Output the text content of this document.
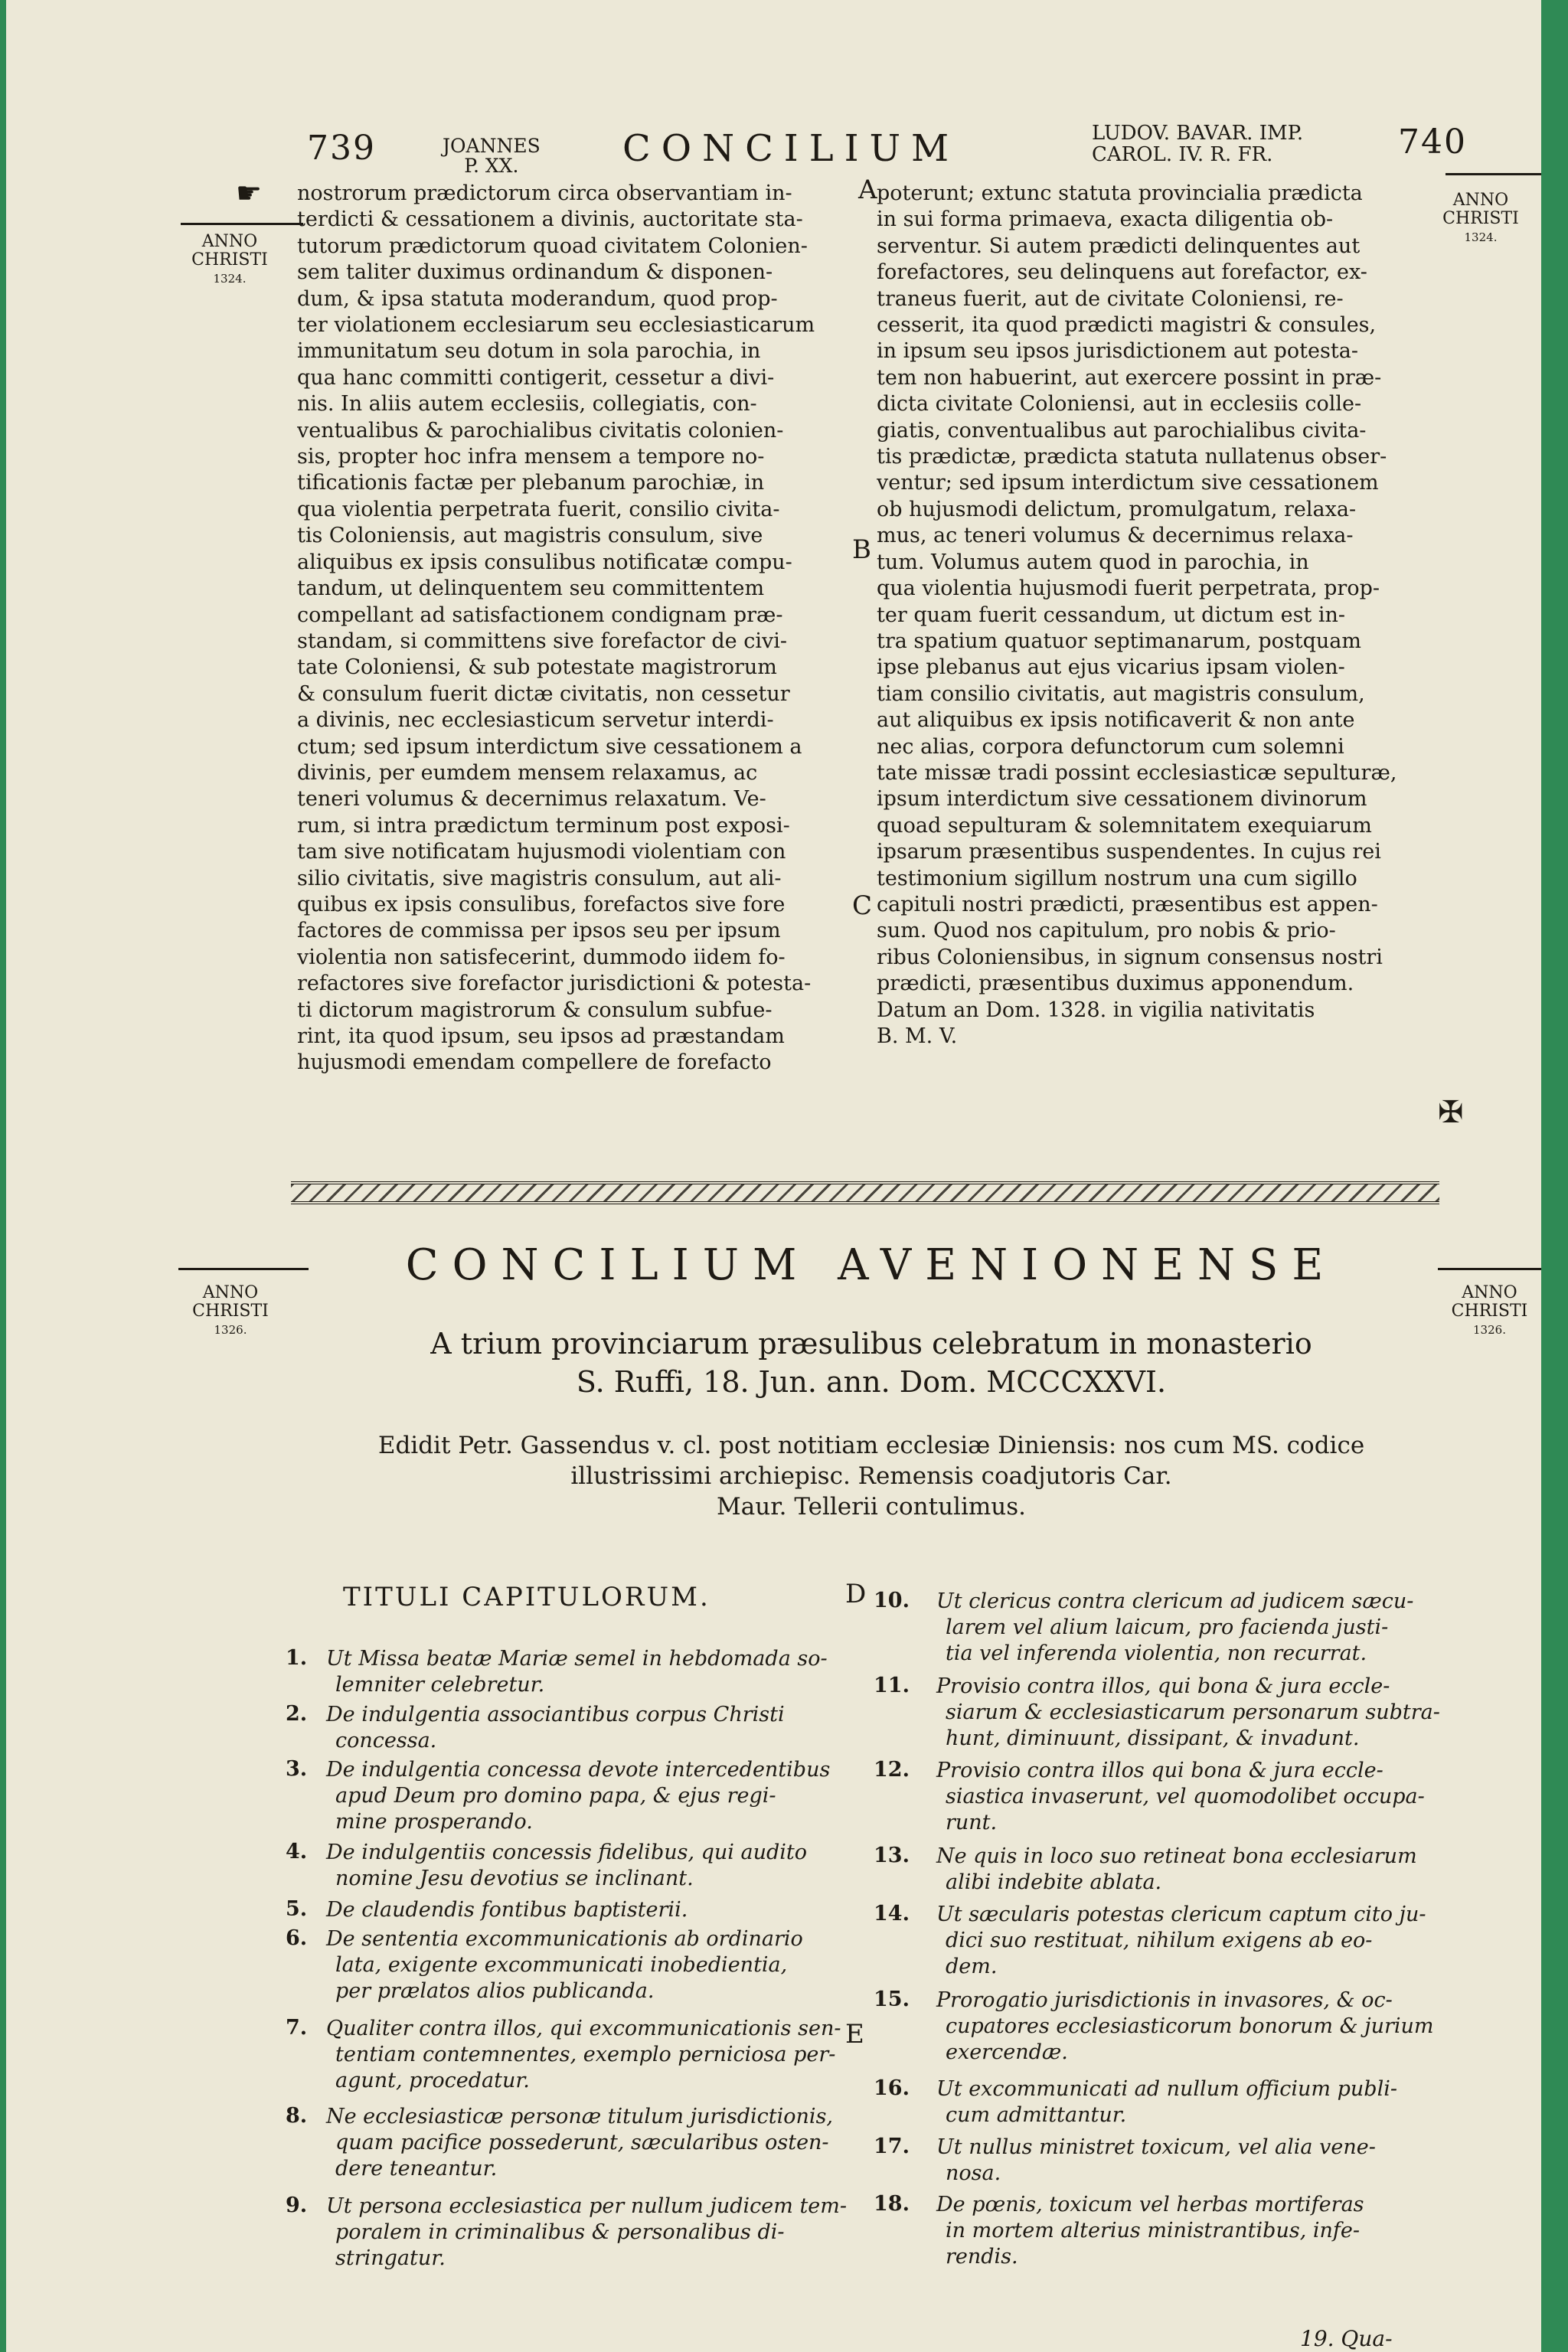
739	JOANNES
P. XX.	CONCILIUM	LUDOV. BAVAR. IMP.
CAROL. IV. R. FR.	740
☛
ANNO
CHRISTI
1324.
ANNO
CHRISTI
1324.
A
B
C
nostrorum prædictorum circa observantiam in-
terdicti & cessationem a divinis, auctoritate sta-
tutorum prædictorum quoad civitatem Colonien-
sem taliter duximus ordinandum & disponen-
dum, & ipsa statuta moderandum, quod prop-
ter violationem ecclesiarum seu ecclesiasticarum
immunitatum seu dotum in sola parochia, in
qua hanc committi contigerit, cessetur a divi-
nis. In aliis autem ecclesiis, collegiatis, con-
ventualibus & parochialibus civitatis colonien-
sis, propter hoc infra mensem a tempore no-
tificationis factæ per plebanum parochiæ, in
qua violentia perpetrata fuerit, consilio civita-
tis Coloniensis, aut magistris consulum, sive
aliquibus ex ipsis consulibus notificatæ compu-
tandum, ut delinquentem seu committentem
compellant ad satisfactionem condignam præ-
standam, si committens sive forefactor de civi-
tate Coloniensi, & sub potestate magistrorum
& consulum fuerit dictæ civitatis, non cessetur
a divinis, nec ecclesiasticum servetur interdi-
ctum; sed ipsum interdictum sive cessationem a
divinis, per eumdem mensem relaxamus, ac
teneri volumus & decernimus relaxatum. Ve-
rum, si intra prædictum terminum post exposi-
tam sive notificatam hujusmodi violentiam con
silio civitatis, sive magistris consulum, aut ali-
quibus ex ipsis consulibus, forefactos sive fore
factores de commissa per ipsos seu per ipsum
violentia non satisfecerint, dummodo iidem fo-
refactores sive forefactor jurisdictioni & potesta-
ti dictorum magistrorum & consulum subfue-
rint, ita quod ipsum, seu ipsos ad præstandam
hujusmodi emendam compellere de forefacto
poterunt; extunc statuta provincialia prædicta
in sui forma primaeva, exacta diligentia ob-
serventur. Si autem prædicti delinquentes aut
forefactores, seu delinquens aut forefactor, ex-
traneus fuerit, aut de civitate Coloniensi, re-
cesserit, ita quod prædicti magistri & consules,
in ipsum seu ipsos jurisdictionem aut potesta-
tem non habuerint, aut exercere possint in præ-
dicta civitate Coloniensi, aut in ecclesiis colle-
giatis, conventualibus aut parochialibus civita-
tis prædictæ, prædicta statuta nullatenus obser-
ventur; sed ipsum interdictum sive cessationem
ob hujusmodi delictum, promulgatum, relaxa-
mus, ac teneri volumus & decernimus relaxa-
tum. Volumus autem quod in parochia, in
qua violentia hujusmodi fuerit perpetrata, prop-
ter quam fuerit cessandum, ut dictum est in-
tra spatium quatuor septimanarum, postquam
ipse plebanus aut ejus vicarius ipsam violen-
tiam consilio civitatis, aut magistris consulum,
aut aliquibus ex ipsis notificaverit & non ante
nec alias, corpora defunctorum cum solemni
tate missæ tradi possint ecclesiasticæ sepulturæ,
ipsum interdictum sive cessationem divinorum
quoad sepulturam & solemnitatem exequiarum
ipsarum præsentibus suspendentes. In cujus rei
testimonium sigillum nostrum una cum sigillo
capituli nostri prædicti, præsentibus est appen-
sum. Quod nos capitulum, pro nobis & prio-
ribus Coloniensibus, in signum consensus nostri
prædicti, præsentibus duximus apponendum.
Datum an Dom. 1328. in vigilia nativitatis
B. M. V.
✠
CONCILIUM AVENIONENSE
ANNO
CHRISTI
1326.
ANNO
CHRISTI
1326.
A trium provinciarum præsulibus celebratum in monasterio
S. Ruffi, 18. Jun. ann. Dom. MCCCXXVI.
Edidit Petr. Gassendus v. cl. post notitiam ecclesiæ Diniensis: nos cum MS. codice
illustrissimi archiepisc. Remensis coadjutoris Car.
Maur. Tellerii contulimus.
TITULI CAPITULORUM.	D
E
1. Ut Missa beatæ Mariæ semel in hebdomada so-
lemniter celebretur.
2. De indulgentia associantibus corpus Christi
concessa.
3. De indulgentia concessa devote intercedentibus
apud Deum pro domino papa, & ejus regi-
mine prosperando.
4. De indulgentiis concessis fidelibus, qui audito
nomine Jesu devotius se inclinant.
5. De claudendis fontibus baptisterii.
6. De sententia excommunicationis ab ordinario
lata, exigente excommunicati inobedientia,
per prælatos alios publicanda.
7. Qualiter contra illos, qui excommunicationis sen-
tentiam contemnentes, exemplo perniciosa per-
agunt, procedatur.
8. Ne ecclesiasticæ personæ titulum jurisdictionis,
quam pacifice possederunt, sæcularibus osten-
dere teneantur.
9. Ut persona ecclesiastica per nullum judicem tem-
poralem in criminalibus & personalibus di-
stringatur.
10. Ut clericus contra clericum ad judicem sæcu-
larem vel alium laicum, pro facienda justi-
tia vel inferenda violentia, non recurrat.
11. Provisio contra illos, qui bona & jura eccle-
siarum & ecclesiasticarum personarum subtra-
hunt, diminuunt, dissipant, & invadunt.
12. Provisio contra illos qui bona & jura eccle-
siastica invaserunt, vel quomodolibet occupa-
runt.
13. Ne quis in loco suo retineat bona ecclesiarum
alibi indebite ablata.
14. Ut sæcularis potestas clericum captum cito ju-
dici suo restituat, nihilum exigens ab eo-
dem.
15. Prorogatio jurisdictionis in invasores, & oc-
cupatores ecclesiasticorum bonorum & jurium
exercendæ.
16. Ut excommunicati ad nullum officium publi-
cum admittantur.
17. Ut nullus ministret toxicum, vel alia vene-
nosa.
18. De pœnis, toxicum vel herbas mortiferas
in mortem alterius ministrantibus, infe-
rendis.
19. Qua-
